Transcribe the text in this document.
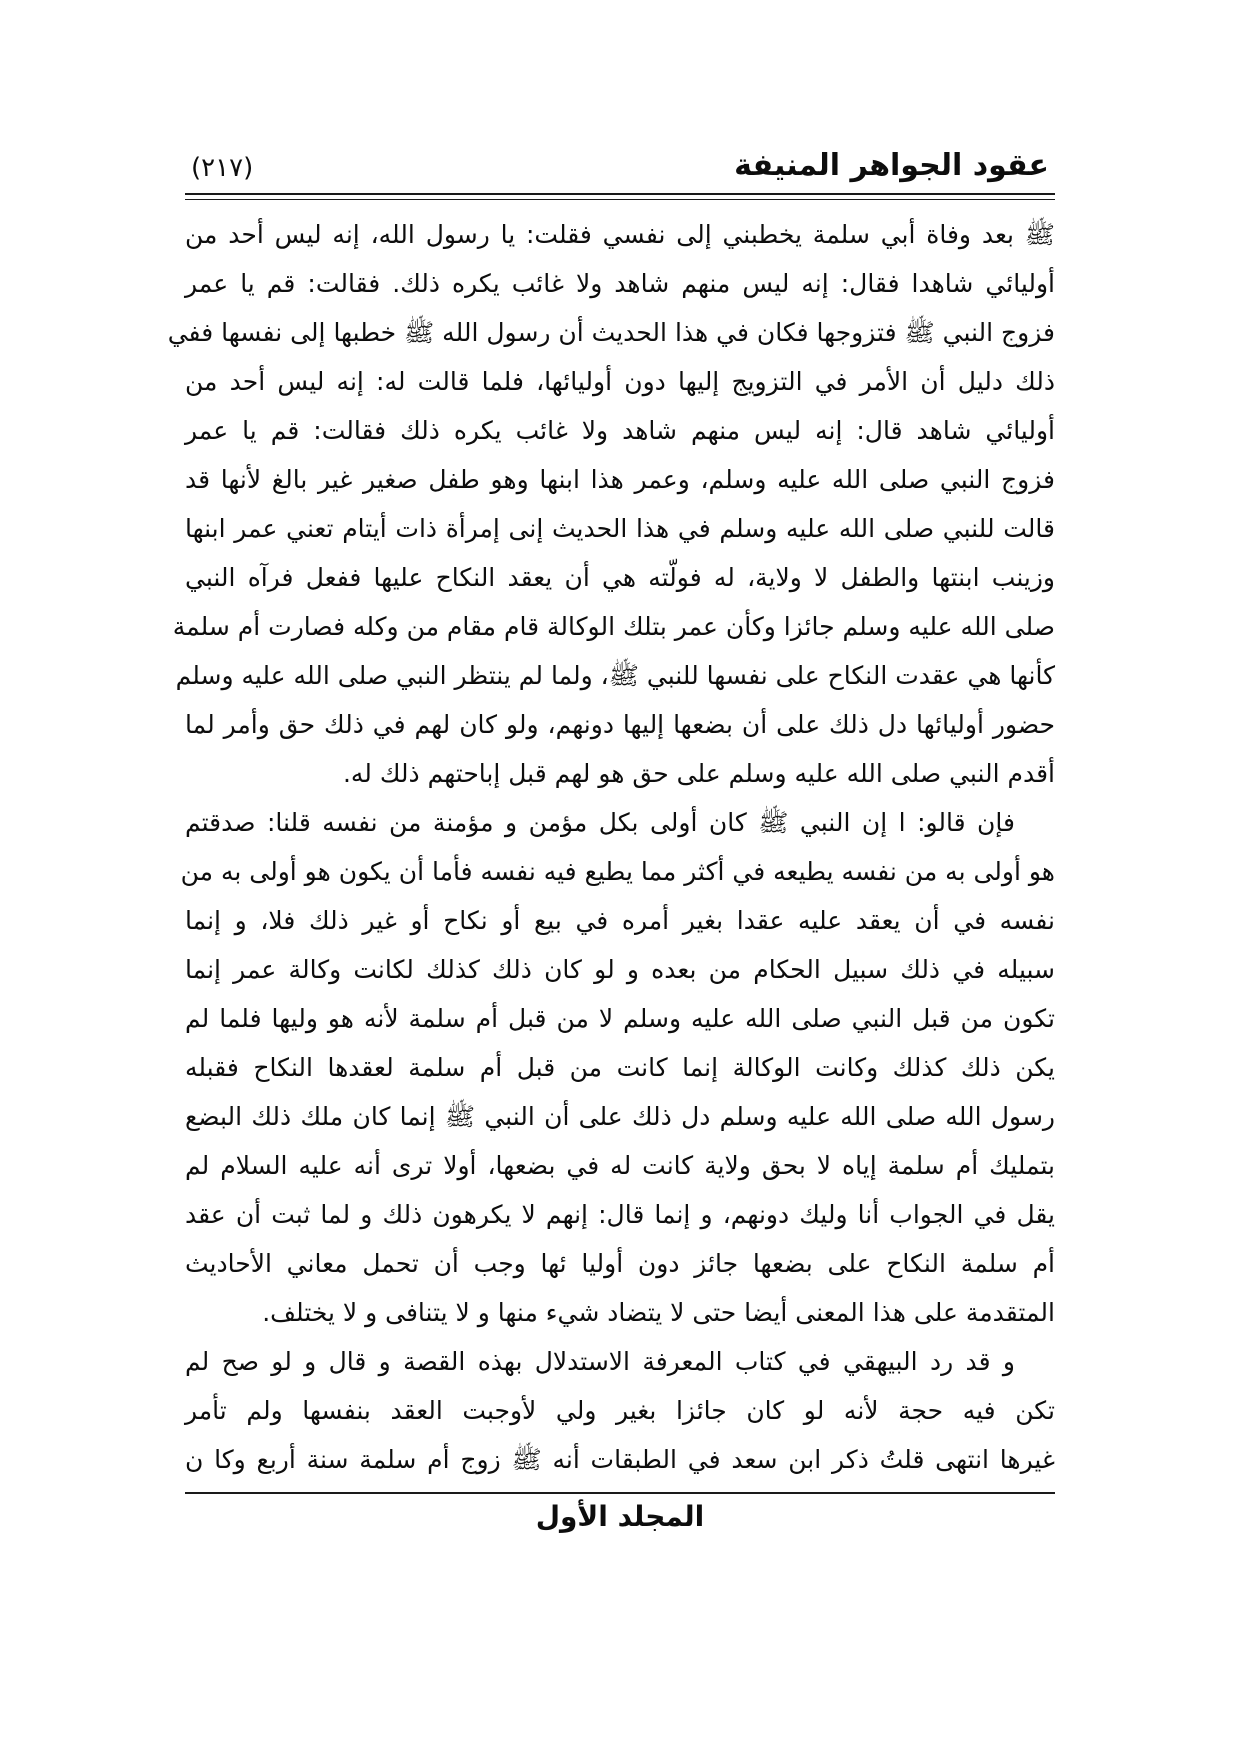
عقود الجواهر المنيفة
(٢١٧)
ﷺ بعد وفاة أبي سلمة يخطبني إلى نفسي فقلت: يا رسول الله، إنه ليس أحد من
أوليائي شاهدا فقال: إنه ليس منهم شاهد ولا غائب يكره ذلك. فقالت: قم يا عمر
فزوج النبي ﷺ فتزوجها فكان في هذا الحديث أن رسول الله ﷺ خطبها إلى نفسها ففي
ذلك دليل أن الأمر في التزويج إليها دون أوليائها، فلما قالت له: إنه ليس أحد من
أوليائي شاهد قال: إنه ليس منهم شاهد ولا غائب يكره ذلك فقالت: قم يا عمر
فزوج النبي صلى الله عليه وسلم، وعمر هذا ابنها وهو طفل صغير غير بالغ لأنها قد
قالت للنبي صلى الله عليه وسلم في هذا الحديث إنى إمرأة ذات أيتام تعني عمر ابنها
وزينب ابنتها والطفل لا ولاية، له فولّته هي أن يعقد النكاح عليها ففعل فرآه النبي
صلى الله عليه وسلم جائزا وكأن عمر بتلك الوكالة قام مقام من وكله فصارت أم سلمة
كأنها هي عقدت النكاح على نفسها للنبي ﷺ، ولما لم ينتظر النبي صلى الله عليه وسلم
حضور أوليائها دل ذلك على أن بضعها إليها دونهم، ولو كان لهم في ذلك حق وأمر لما
أقدم النبي صلى الله عليه وسلم على حق هو لهم قبل إباحتهم ذلك له.
فإن قالو: ا إن النبي ﷺ كان أولى بكل مؤمن و مؤمنة من نفسه قلنا: صدقتم
هو أولى به من نفسه يطيعه في أكثر مما يطيع فيه نفسه فأما أن يكون هو أولى به من
نفسه في أن يعقد عليه عقدا بغير أمره في بيع أو نكاح أو غير ذلك فلا، و إنما
سبيله في ذلك سبيل الحكام من بعده و لو كان ذلك كذلك لكانت وكالة عمر إنما
تكون من قبل النبي صلى الله عليه وسلم لا من قبل أم سلمة لأنه هو وليها فلما لم
يكن ذلك كذلك وكانت الوكالة إنما كانت من قبل أم سلمة لعقدها النكاح فقبله
رسول الله صلى الله عليه وسلم دل ذلك على أن النبي ﷺ إنما كان ملك ذلك البضع
بتمليك أم سلمة إياه لا بحق ولاية كانت له في بضعها، أولا ترى أنه عليه السلام لم
يقل في الجواب أنا وليك دونهم، و إنما قال: إنهم لا يكرهون ذلك و لما ثبت أن عقد
أم سلمة النكاح على بضعها جائز دون أوليا ئها وجب أن تحمل معاني الأحاديث
المتقدمة على هذا المعنى أيضا حتى لا يتضاد شيء منها و لا يتنافى و لا يختلف.
و قد رد البيهقي في كتاب المعرفة الاستدلال بهذه القصة و قال و لو صح لم
تكن فيه حجة لأنه لو كان جائزا بغير ولي لأوجبت العقد بنفسها ولم تأمر
غيرها انتهى قلتُ ذكر ابن سعد في الطبقات أنه ﷺ زوج أم سلمة سنة أربع وكا ن
المجلد الأول
